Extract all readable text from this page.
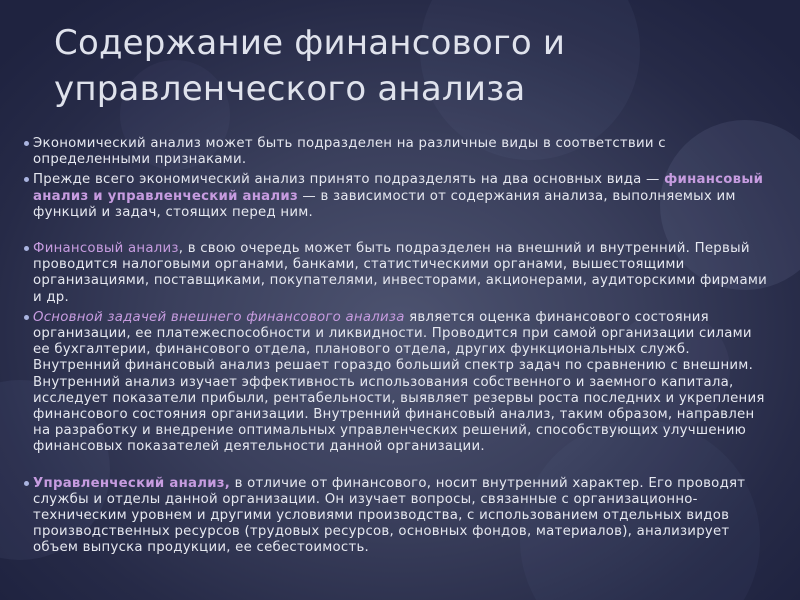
Содержание финансового и
управленческого анализа

Экономический анализ может быть подразделен на различные виды в соответствии с определенными признаками.

Прежде всего экономический анализ принято подразделять на два основных вида — финансовый анализ и управленческий анализ — в зависимости от содержания анализа, выполняемых им функций и задач, стоящих перед ним.

Финансовый анализ, в свою очередь может быть подразделен на внешний и внутренний. Первый проводится налоговыми органами, банками, статистическими органами, вышестоящими организациями, поставщиками, покупателями, инвесторами, акционерами, аудиторскими фирмами и др.

Основной задачей внешнего финансового анализа является оценка финансового состояния организации, ее платежеспособности и ликвидности. Проводится при самой организации силами ее бухгалтерии, финансового отдела, планового отдела, других функциональных служб. Внутренний финансовый анализ решает гораздо больший спектр задач по сравнению с внешним. Внутренний анализ изучает эффективность использования собственного и заемного капитала, исследует показатели прибыли, рентабельности, выявляет резервы роста последних и укрепления финансового состояния организации. Внутренний финансовый анализ, таким образом, направлен на разработку и внедрение оптимальных управленческих решений, способствующих улучшению финансовых показателей деятельности данной организации.

Управленческий анализ, в отличие от финансового, носит внутренний характер. Его проводят службы и отделы данной организации. Он изучает вопросы, связанные с организационно-техническим уровнем и другими условиями производства, с использованием отдельных видов производственных ресурсов (трудовых ресурсов, основных фондов, материалов), анализирует объем выпуска продукции, ее себестоимость.
